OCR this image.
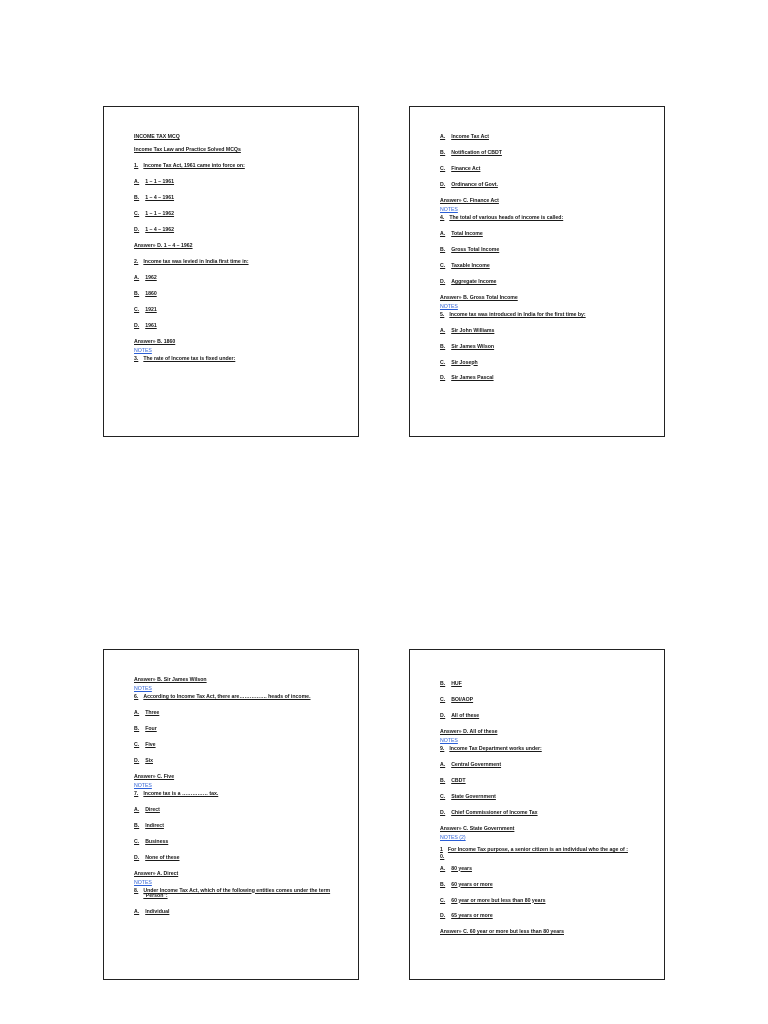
INCOME TAX MCQ

Income Tax Law and Practice Solved MCQs

1. Income Tax Act, 1961 came into force on:
A. 1 – 1 – 1961
B. 1 – 4 – 1961
C. 1 – 1 – 1962
D. 1 – 4 – 1962

Answer» D. 1 – 4 – 1962

2. Income tax was levied in India first time in:
A. 1962
B. 1860
C. 1921
D. 1961

Answer» B. 1860

NOTES

3. The rate of Income tax is fixed under:
A. Income Tax Act
B. Notification of CBDT
C. Finance Act
D. Ordinance of Govt.

Answer» C. Finance Act

NOTES

4. The total of various heads of income is called:
A. Total Income
B. Gross Total Income
C. Taxable Income
D. Aggregate Income

Answer» B. Gross Total Income

NOTES

5. Income tax was introduced in India for the first time by:
A. Sir John Williams
B. Sir James Wilson
C. Sir Joseph
D. Sir James Pascal

Answer» B. Sir James Wilson

NOTES

6. According to Income Tax Act, there are……………. heads of income.
A. Three
B. Four
C. Five
D. Six

Answer» C. Five

NOTES

7. Income tax is a …………… tax.
A. Direct
B. Indirect
C. Business
D. None of these

Answer» A. Direct

NOTES

8. Under Income Tax Act, which of the following entities comes under the term "Person":
A. Individual
B. HUF
C. BOI/AOP
D. All of these

Answer» D. All of these

NOTES

9. Income Tax Department works under:
A. Central Government
B. CBDT
C. State Government
D. Chief Commissioner of Income Tax

Answer» C. State Government

NOTES (2)

1 For Income Tax purpose, a senior citizen is an individual who the age of :

0.

A. 80 years
B. 60 years or more
C. 60 year or more but less than 80 years
D. 65 years or more

Answer» C. 60 year or more but less than 80 years
